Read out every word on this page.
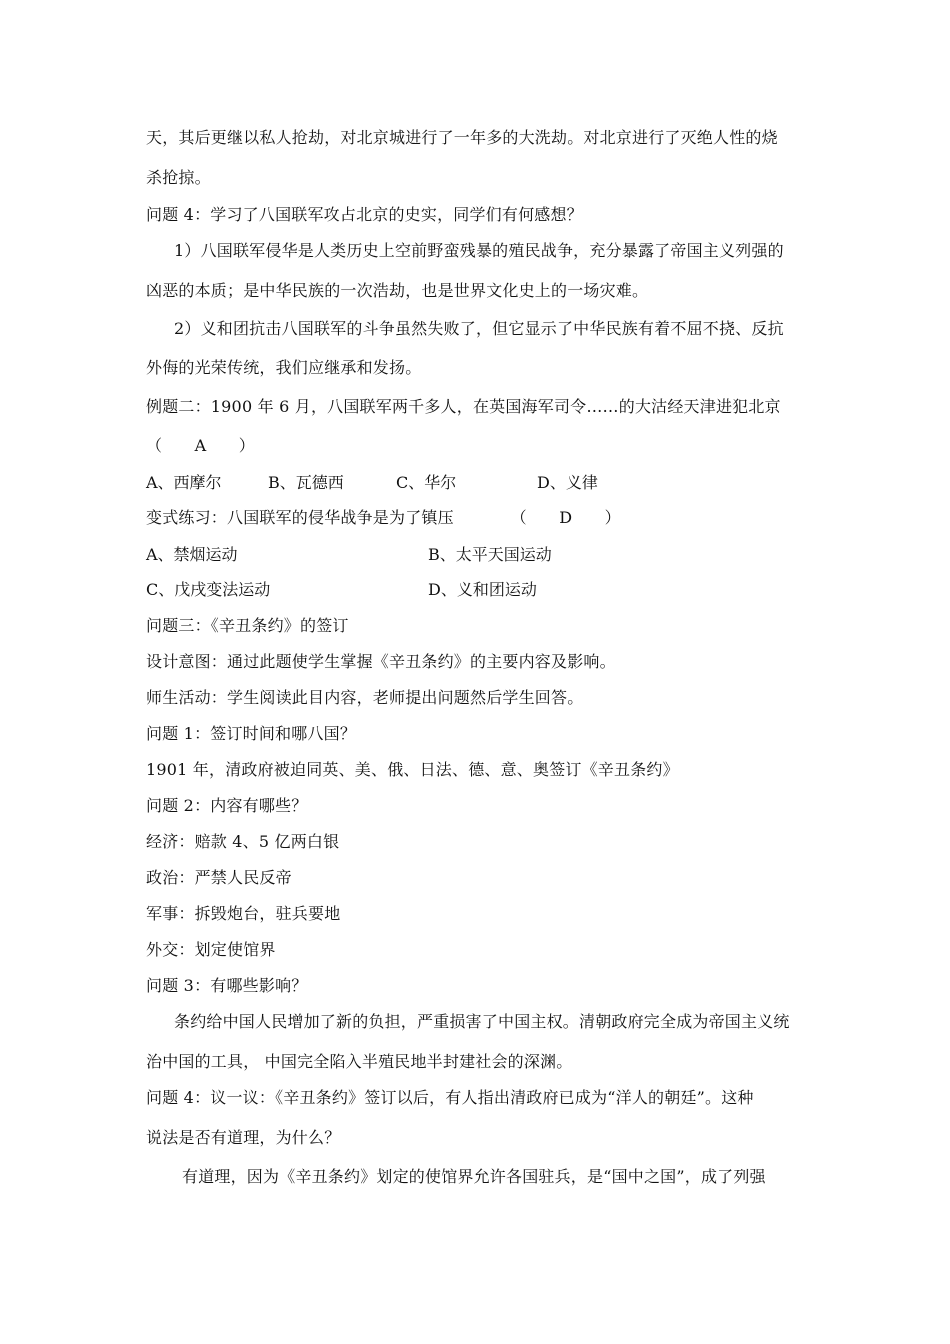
天，其后更继以私人抢劫，对北京城进行了一年多的大洗劫。对北京进行了灭绝人性的烧
杀抢掠。
问题 4：学习了八国联军攻占北京的史实，同学们有何感想？
1）八国联军侵华是人类历史上空前野蛮残暴的殖民战争，充分暴露了帝国主义列强的
凶恶的本质；是中华民族的一次浩劫，也是世界文化史上的一场灾难。
2）义和团抗击八国联军的斗争虽然失败了，但它显示了中华民族有着不屈不挠、反抗
外侮的光荣传统，我们应继承和发扬。
例题二：1900 年 6 月，八国联军两千多人，在英国海军司令……的大沽经天津进犯北京
（　　A　　）
A、西摩尔	B、瓦德西	C、华尔	D、义律
变式练习：八国联军的侵华战争是为了镇压　　　　（　　D　　）
A、禁烟运动	B、太平天国运动
C、戊戌变法运动	D、义和团运动
问题三：《辛丑条约》的签订
设计意图：通过此题使学生掌握《辛丑条约》的主要内容及影响。
师生活动：学生阅读此目内容，老师提出问题然后学生回答。
问题 1：签订时间和哪八国？
1901 年，清政府被迫同英、美、俄、日法、德、意、奥签订《辛丑条约》
问题 2：内容有哪些？
经济：赔款 4、5 亿两白银
政治：严禁人民反帝
军事：拆毁炮台，驻兵要地
外交：划定使馆界
问题 3：有哪些影响？
条约给中国人民增加了新的负担，严重损害了中国主权。清朝政府完全成为帝国主义统
治中国的工具， 中国完全陷入半殖民地半封建社会的深渊。
问题 4：议一议：《辛丑条约》签订以后，有人指出清政府已成为“洋人的朝廷”。这种
说法是否有道理，为什么？
有道理，因为《辛丑条约》划定的使馆界允许各国驻兵，是“国中之国”，成了列强
